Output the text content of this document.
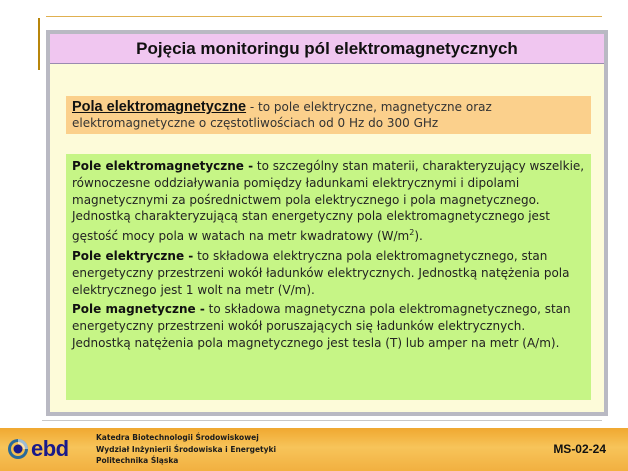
Pojęcia monitoringu pól elektromagnetycznych
Pola elektromagnetyczne - to pole elektryczne, magnetyczne oraz elektromagnetyczne o częstotliwościach od 0 Hz do 300 GHz

Pole elektromagnetyczne - to szczególny stan materii, charakteryzujący wszelkie, równoczesne oddziaływania pomiędzy ładunkami elektrycznymi i dipolami magnetycznymi za pośrednictwem pola elektrycznego i pola magnetycznego. Jednostką charakteryzującą stan energetyczny pola elektromagnetycznego jest gęstość mocy pola w watach na metr kwadratowy $(W/m^2)$.

Pole elektryczne - to składowa elektryczna pola elektromagnetycznego, stan energetyczny przestrzeni wokół ładunków elektrycznych. Jednostką natężenia pola elektrycznego jest 1 wolt na metr (V/m).

Pole magnetyczne - to składowa magnetyczna pola elektromagnetycznego, stan energetyczny przestrzeni wokół poruszających się ładunków elektrycznych. Jednostką natężenia pola magnetycznego jest tesla (T) lub amper na metr (A/m).

ebd	Katedra Biotechnologii Środowiskowej
Wydział Inżynierii Środowiska i Energetyki
Politechnika Śląska
MS-02-24
